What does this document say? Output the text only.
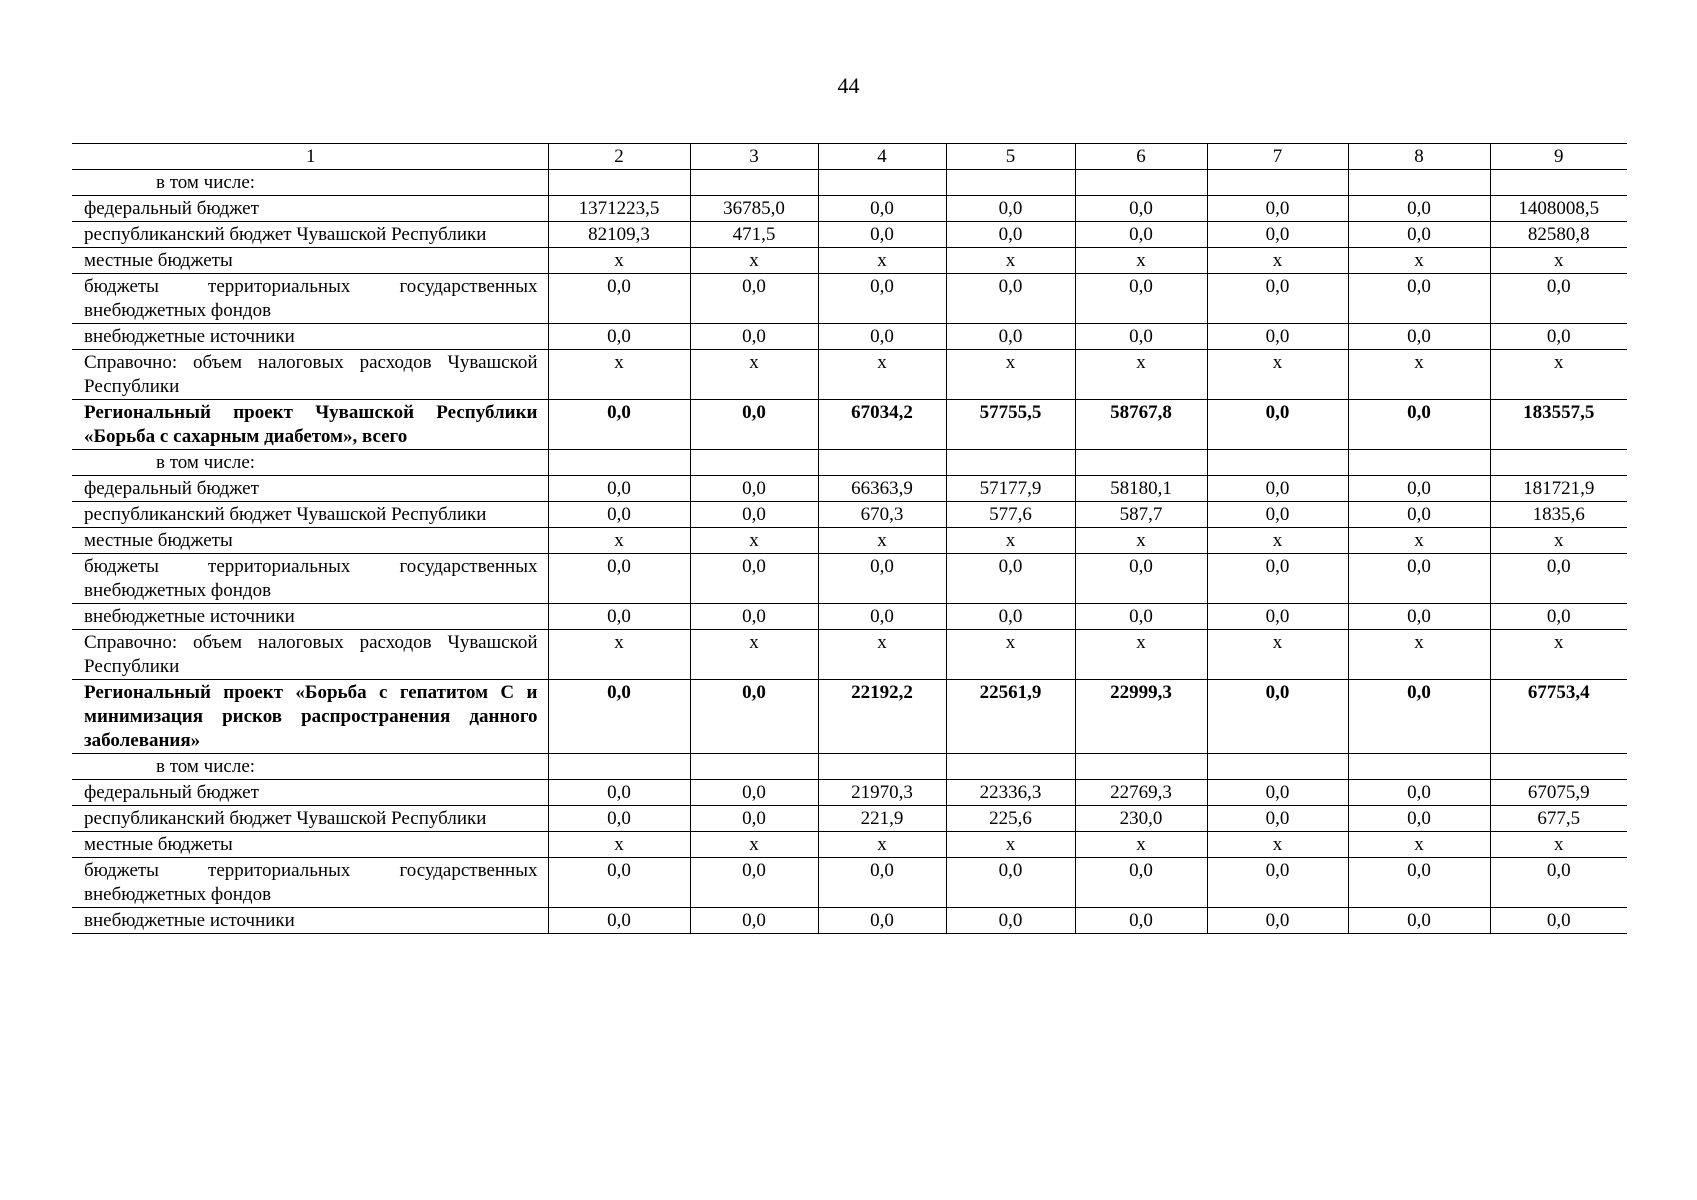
44
1	2	3	4	5	6	7	8	9
в том числе:								
федеральный бюджет	1371223,5	36785,0	0,0	0,0	0,0	0,0	0,0	1408008,5
республиканский бюджет Чувашской Республики	82109,3	471,5	0,0	0,0	0,0	0,0	0,0	82580,8
местные бюджеты	х	х	х	х	х	х	х	х
бюджеты территориальных государственных внебюджетных фондов	0,0	0,0	0,0	0,0	0,0	0,0	0,0	0,0
внебюджетные источники	0,0	0,0	0,0	0,0	0,0	0,0	0,0	0,0
Справочно: объем налоговых расходов Чувашской Республики	х	х	х	х	х	х	х	х
Региональный проект Чувашской Республики «Борьба с сахарным диабетом», всего	0,0	0,0	67034,2	57755,5	58767,8	0,0	0,0	183557,5
в том числе:								
федеральный бюджет	0,0	0,0	66363,9	57177,9	58180,1	0,0	0,0	181721,9
республиканский бюджет Чувашской Республики	0,0	0,0	670,3	577,6	587,7	0,0	0,0	1835,6
местные бюджеты	х	х	х	х	х	х	х	х
бюджеты территориальных государственных внебюджетных фондов	0,0	0,0	0,0	0,0	0,0	0,0	0,0	0,0
внебюджетные источники	0,0	0,0	0,0	0,0	0,0	0,0	0,0	0,0
Справочно: объем налоговых расходов Чувашской Республики	х	х	х	х	х	х	х	х
Региональный проект «Борьба с гепатитом С и минимизация рисков распространения данного заболевания»	0,0	0,0	22192,2	22561,9	22999,3	0,0	0,0	67753,4
в том числе:								
федеральный бюджет	0,0	0,0	21970,3	22336,3	22769,3	0,0	0,0	67075,9
республиканский бюджет Чувашской Республики	0,0	0,0	221,9	225,6	230,0	0,0	0,0	677,5
местные бюджеты	х	х	х	х	х	х	х	х
бюджеты территориальных государственных внебюджетных фондов	0,0	0,0	0,0	0,0	0,0	0,0	0,0	0,0
внебюджетные источники	0,0	0,0	0,0	0,0	0,0	0,0	0,0	0,0
